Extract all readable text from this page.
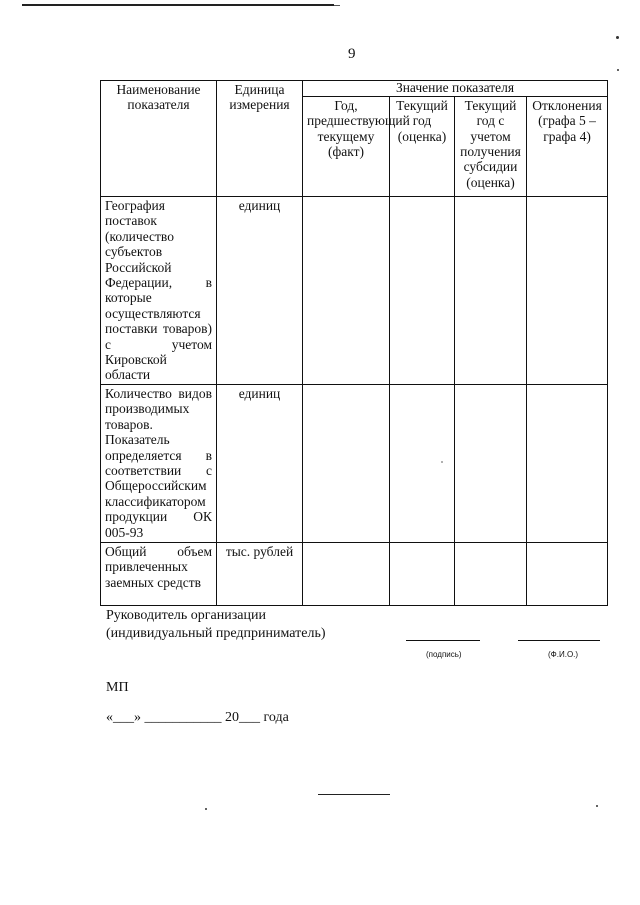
9
Наименование показателя	Единица измерения	Значение показателя			
		Год, предшествующий текущему (факт)	Текущий год (оценка)	Текущий год с учетом получения субсидии (оценка)	Отклонения (графа 5 – графа 4)
География поставок (количество субъектов Российской Федерации, в которые осуществляются поставки товаров) с учетом Кировской области	единиц				
Количество видов производимых товаров. Показатель определяется в соответствии с Общероссийским классификатором продукции ОК 005-93	единиц				
Общий объем привлеченных заемных средств	тыс. рублей				
Руководитель организации
(индивидуальный предприниматель)
(подпись)	(Ф.И.О.)
МП
«___» ___________ 20___ года
